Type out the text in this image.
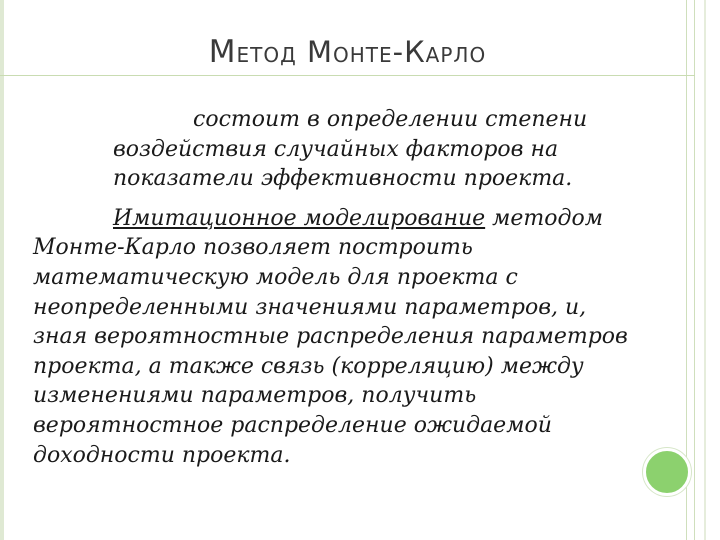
Метод Монте-Карло
состоит в определении степени
воздействия случайных факторов на
показатели эффективности проекта.
Имитационное моделирование методом
Монте-Карло позволяет построить
математическую модель для проекта с
неопределенными значениями параметров, и,
зная вероятностные распределения параметров
проекта, а также связь (корреляцию) между
изменениями параметров, получить
вероятностное распределение ожидаемой
доходности проекта.
